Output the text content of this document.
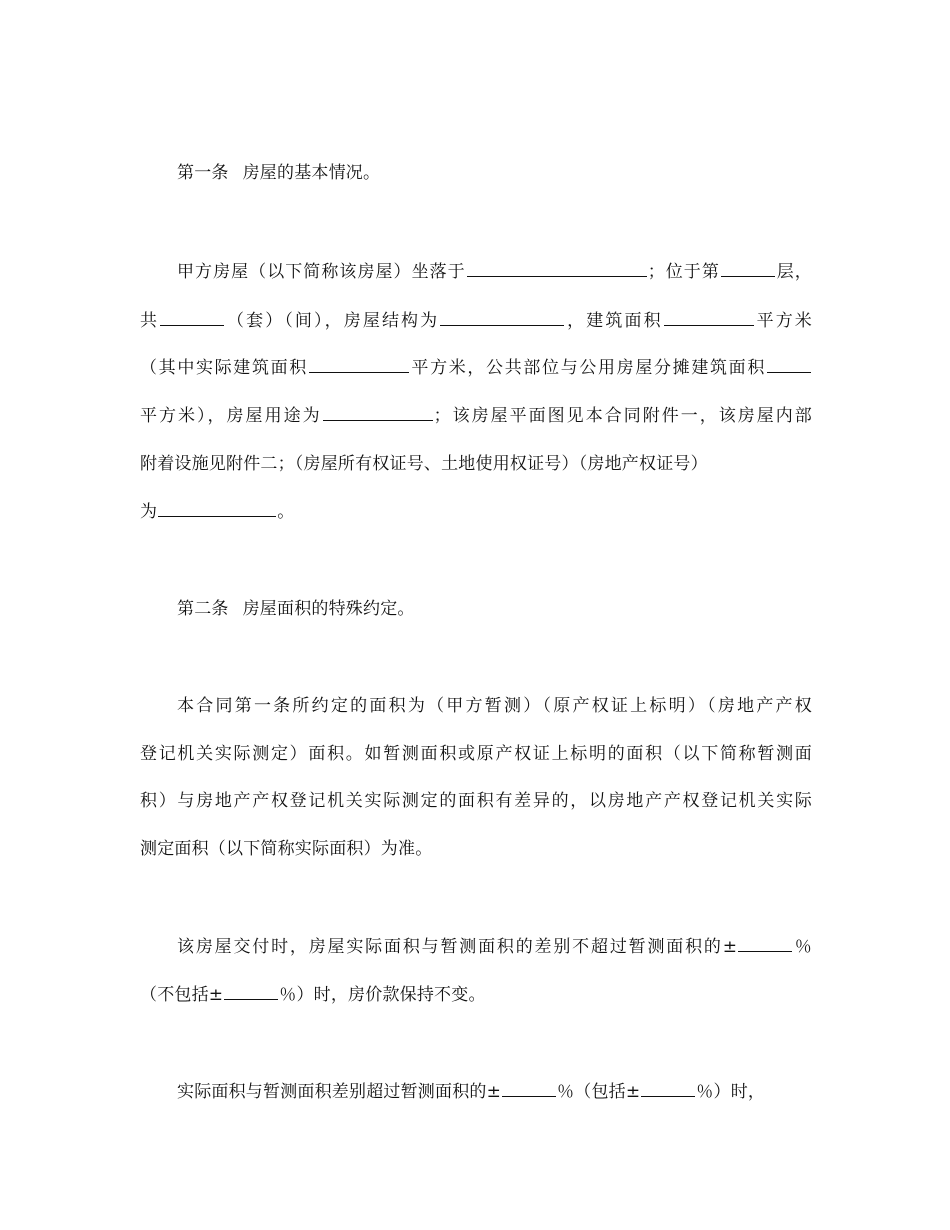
第一条 房屋的基本情况。
甲方房屋（以下简称该房屋）坐落于	；位于第	层，
共	（套）（间），房屋结构为	，建筑面积	平方米
（其中实际建筑面积	平方米，公共部位与公用房屋分摊建筑面积
平方米），房屋用途为	；该房屋平面图见本合同附件一，该房屋内部
附着设施见附件二；（房屋所有权证号、土地使用权证号）（房地产权证号）
为	。
第二条 房屋面积的特殊约定。
本合同第一条所约定的面积为（甲方暂测）（原产权证上标明）（房地产产权
登记机关实际测定）面积。如暂测面积或原产权证上标明的面积（以下简称暂测面
积）与房地产产权登记机关实际测定的面积有差异的，以房地产产权登记机关实际
测定面积（以下简称实际面积）为准。
该房屋交付时，房屋实际面积与暂测面积的差别不超过暂测面积的±	％
（不包括±	％）时，房价款保持不变。
实际面积与暂测面积差别超过暂测面积的±	％（包括±	％）时，
